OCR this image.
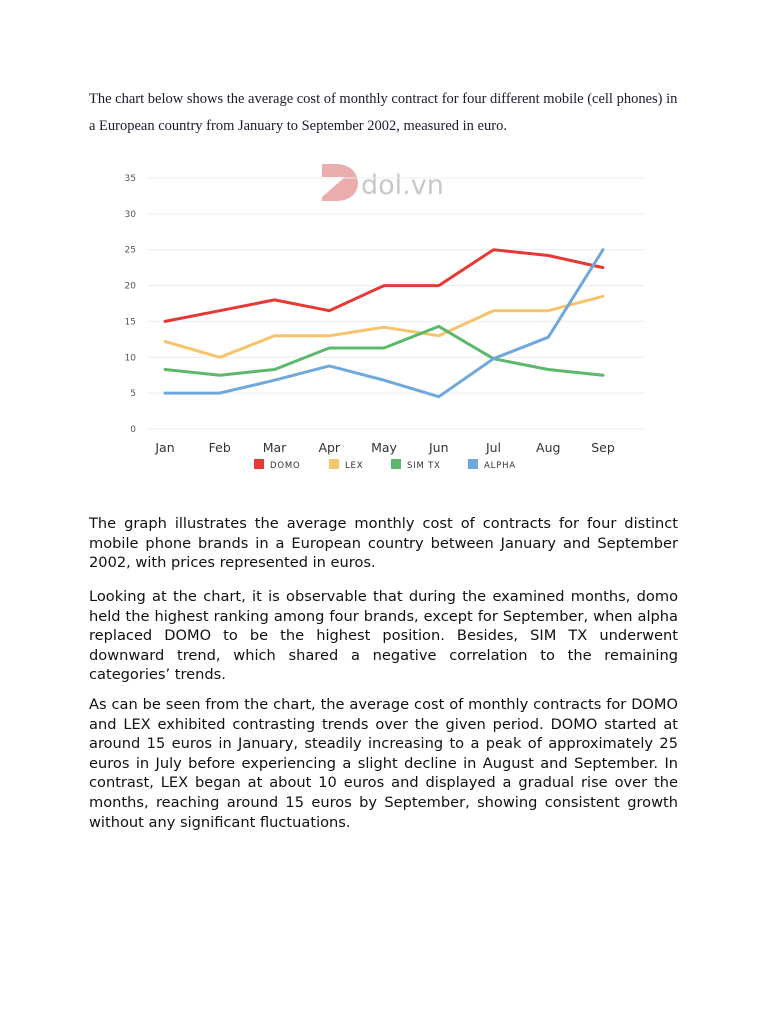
The chart below shows the average cost of monthly contract for four different mobile (cell phones) in a European country from January to September 2002, measured in euro.
dol.vn
0
5
10
15
20
25
30
35
Jan	Feb	Mar	Apr May	Jun	Jul	Aug Sep
DOMO	LEX	SIM TX	ALPHA

The graph illustrates the average monthly cost of contracts for four distinct mobile phone brands in a European country between January and September 2002, with prices represented in euros.

Looking at the chart, it is observable that during the examined months, domo held the highest ranking among four brands, except for September, when alpha replaced DOMO to be the highest position. Besides, SIM TX underwent downward trend, which shared a negative correlation to the remaining categories’ trends.

As can be seen from the chart, the average cost of monthly contracts for DOMO and LEX exhibited contrasting trends over the given period. DOMO started at around 15 euros in January, steadily increasing to a peak of approximately 25 euros in July before experiencing a slight decline in August and September. In contrast, LEX began at about 10 euros and displayed a gradual rise over the months, reaching around 15 euros by September, showing consistent growth without any significant fluctuations.
